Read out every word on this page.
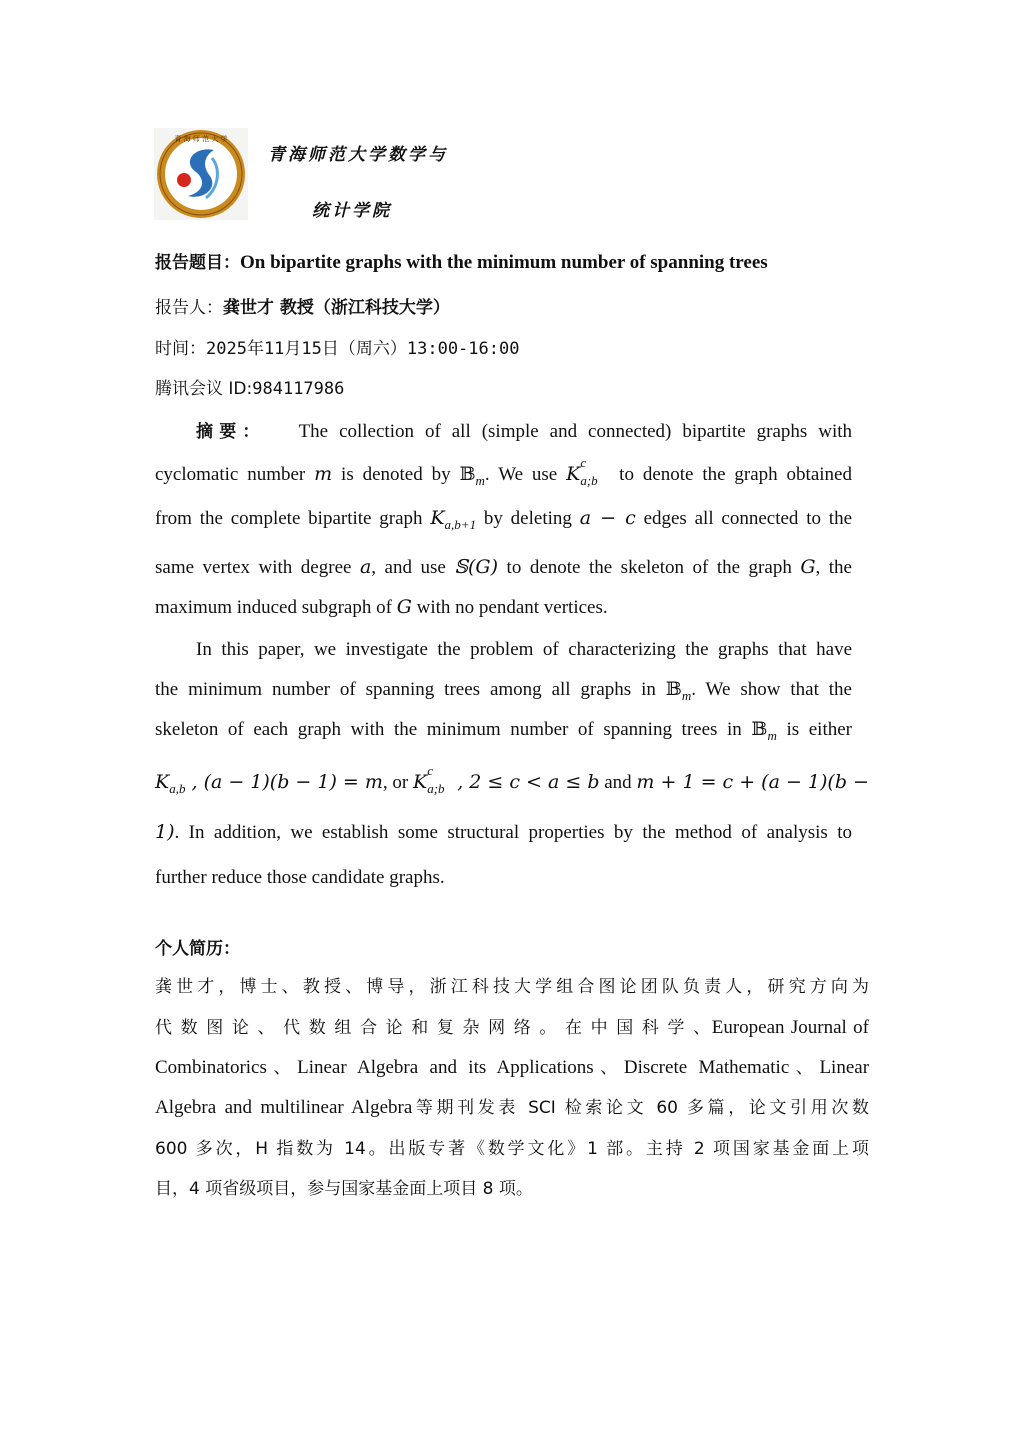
青 海 师 范 大 学
青海师范大学数学与
统计学院
报告题目：On bipartite graphs with the minimum number of spanning trees
报告人：龚世才 教授（浙江科技大学）
时间：2025年11月15日（周六）13:00-16:00
腾讯会议 ID:984117986
摘要： The collection of all (simple and connected) bipartite graphs with
cyclomatic number m is denoted by 𝔹$_m$. We use K
c
a;b to denote the graph obtained
from the complete bipartite graph $K_{a,b+1}$ by deleting a − c edges all connected to the
same vertex with degree a, and use 𝕊(G) to denote the skeleton of the graph G, the
maximum induced subgraph of G with no pendant vertices.
In this paper, we investigate the problem of characterizing the graphs that have
the minimum number of spanning trees among all graphs in 𝔹$_m$. We show that the
skeleton of each graph with the minimum number of spanning trees in 𝔹$_m$ is either
$K_{a,b}$ , (a − 1)(b − 1) = m, or K
c
a;b , 2 ≤ c < a ≤ b and m + 1 = c + (a − 1)(b −
1). In addition, we establish some structural properties by the method of analysis to
further reduce those candidate graphs.
个人简历：
龚世才，博士、教授、博导，浙江科技大学组合图论团队负责人，研究方向为
代 数 图 论 、 代 数 组 合 论 和 复 杂 网 络 。 在 中 国 科 学 、European Journal of
Combinatorics、Linear Algebra and its Applications、Discrete Mathematic、Linear
Algebra and multilinear Algebra等期刊发表 SCI 检索论文 60 多篇，论文引用次数
600 多次，H 指数为 14。出版专著《数学文化》1 部。主持 2 项国家基金面上项
目，4 项省级项目，参与国家基金面上项目 8 项。
